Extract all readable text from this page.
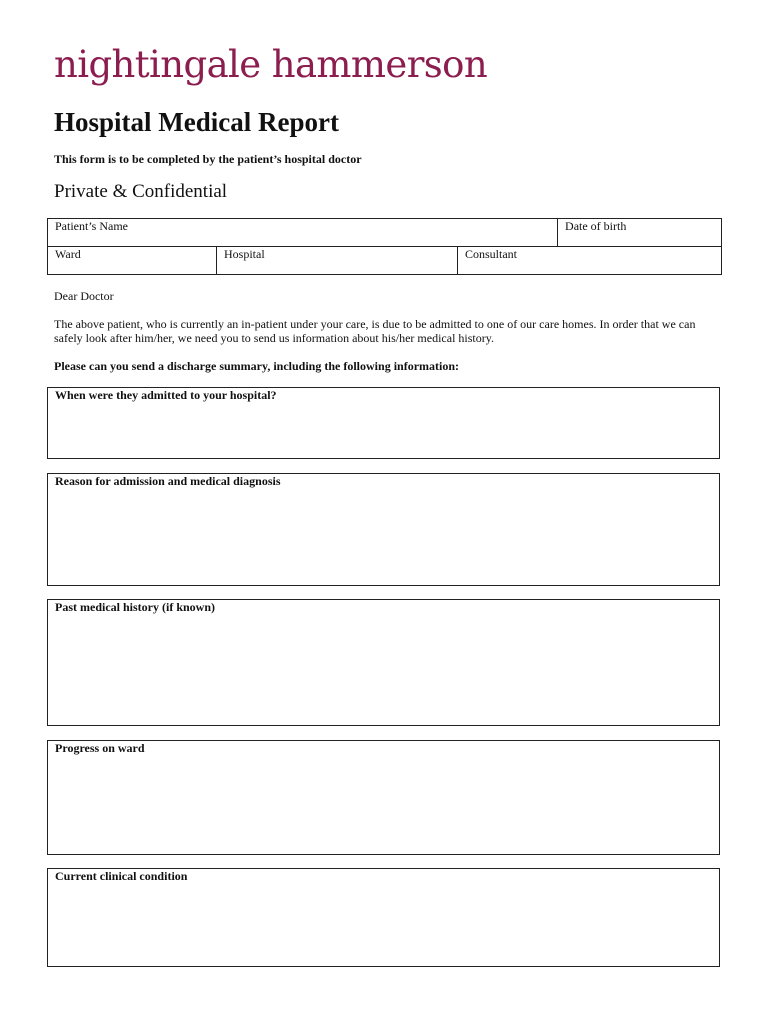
nightingale hammerson
Hospital Medical Report
This form is to be completed by the patient’s hospital doctor
Private & Confidential
Patient’s Name			Date of birth

Ward	Hospital	Consultant	
Dear Doctor

The above patient, who is currently an in-patient under your care, is due to be admitted to one of our care homes. In order that we can safely look after him/her, we need you to send us information about his/her medical history.

Please can you send a discharge summary, including the following information:
When were they admitted to your hospital?
Reason for admission and medical diagnosis
Past medical history (if known)
Progress on ward
Current clinical condition
